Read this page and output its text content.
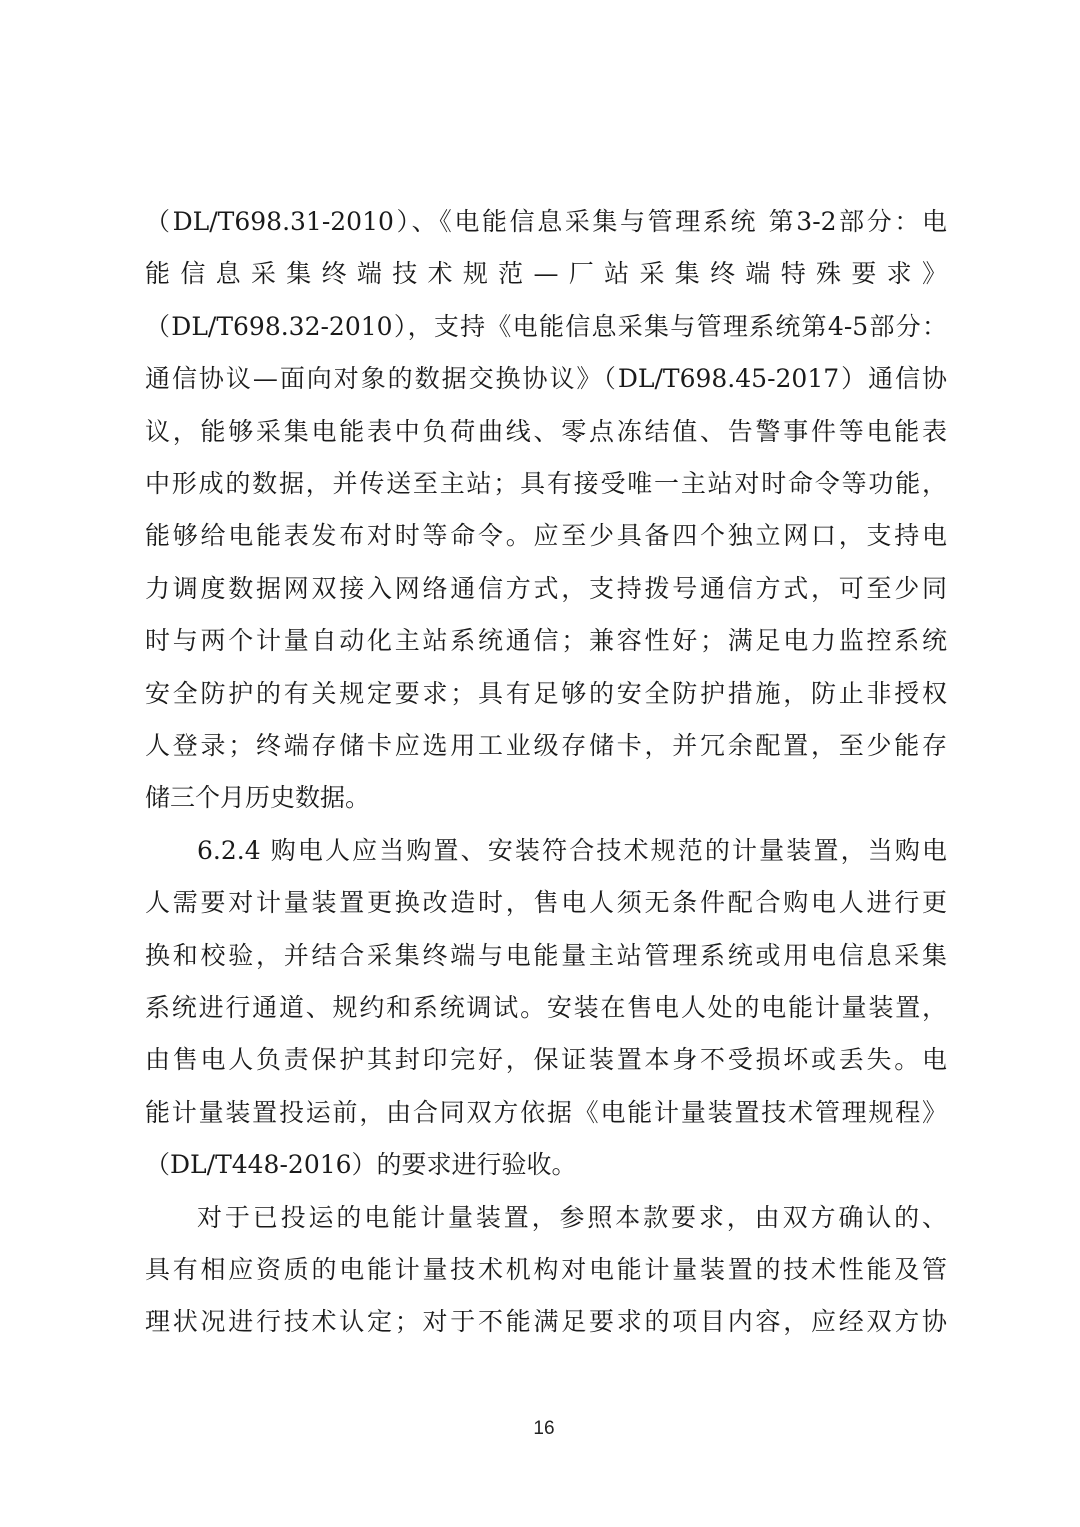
（DL/T698.31-2010）、《电能信息采集与管理系统 第3-2部分：电
能信息采集终端技术规范—厂站采集终端特殊要求》
（DL/T698.32-2010），支持《电能信息采集与管理系统第4-5部分：
通信协议—面向对象的数据交换协议》（DL/T698.45-2017）通信协
议，能够采集电能表中负荷曲线、零点冻结值、告警事件等电能表
中形成的数据，并传送至主站；具有接受唯一主站对时命令等功能，
能够给电能表发布对时等命令。应至少具备四个独立网口，支持电
力调度数据网双接入网络通信方式，支持拨号通信方式，可至少同
时与两个计量自动化主站系统通信；兼容性好；满足电力监控系统
安全防护的有关规定要求；具有足够的安全防护措施，防止非授权
人登录；终端存储卡应选用工业级存储卡，并冗余配置，至少能存
储三个月历史数据。
6.2.4 购电人应当购置、安装符合技术规范的计量装置，当购电
人需要对计量装置更换改造时，售电人须无条件配合购电人进行更
换和校验，并结合采集终端与电能量主站管理系统或用电信息采集
系统进行通道、规约和系统调试。安装在售电人处的电能计量装置，
由售电人负责保护其封印完好，保证装置本身不受损坏或丢失。电
能计量装置投运前，由合同双方依据《电能计量装置技术管理规程》
（DL/T448-2016）的要求进行验收。
对于已投运的电能计量装置，参照本款要求，由双方确认的、
具有相应资质的电能计量技术机构对电能计量装置的技术性能及管
理状况进行技术认定；对于不能满足要求的项目内容，应经双方协
16
